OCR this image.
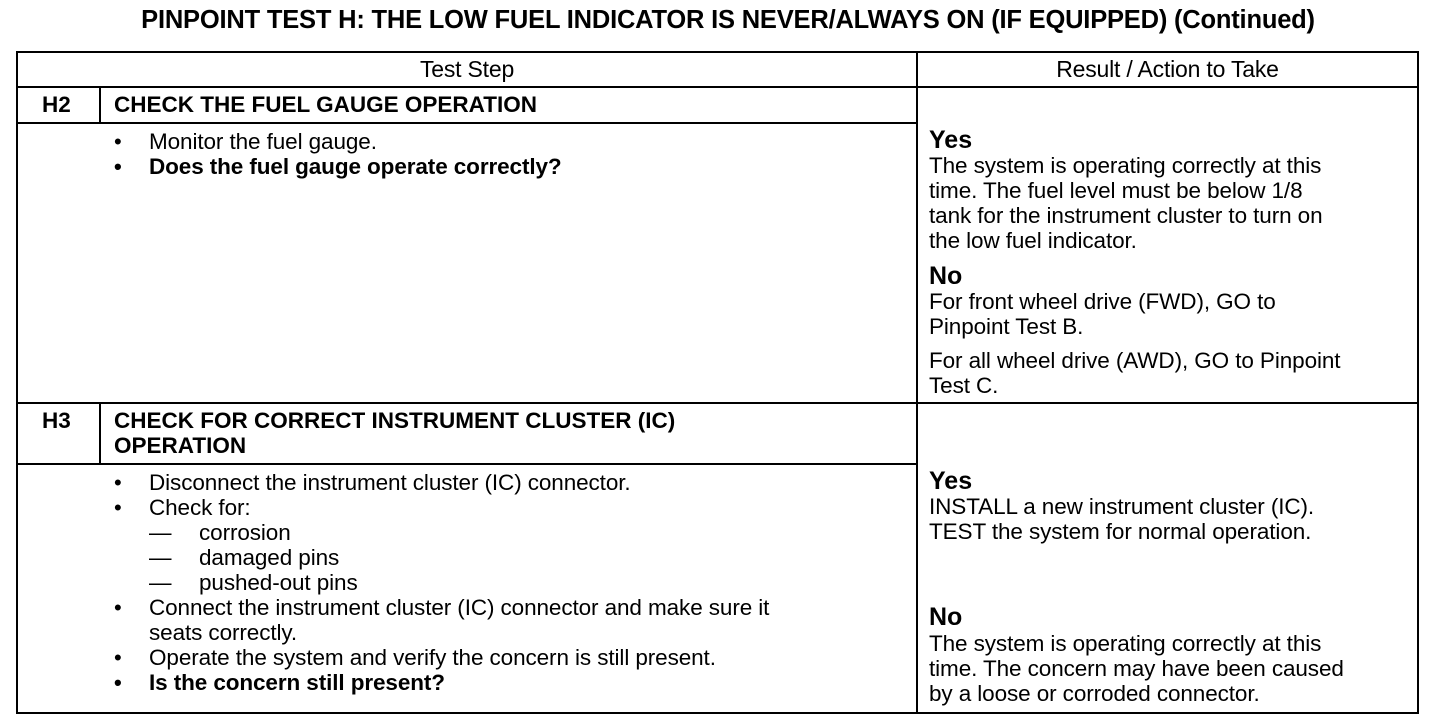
PINPOINT TEST H: THE LOW FUEL INDICATOR IS NEVER/ALWAYS ON (IF EQUIPPED) (Continued)
Test Step	Result / Action to Take
H2 CHECK THE FUEL GAUGE OPERATION
• Monitor the fuel gauge.
• Does the fuel gauge operate correctly?
Yes
The system is operating correctly at this
time. The fuel level must be below 1/8
tank for the instrument cluster to turn on
the low fuel indicator.
No
For front wheel drive (FWD), GO to
Pinpoint Test B.
For all wheel drive (AWD), GO to Pinpoint
Test C.
H3 CHECK FOR CORRECT INSTRUMENT CLUSTER (IC)
OPERATION
• Disconnect the instrument cluster (IC) connector.
• Check for:
— corrosion
— damaged pins
— pushed-out pins
• Connect the instrument cluster (IC) connector and make sure it
seats correctly.
• Operate the system and verify the concern is still present.
• Is the concern still present?
Yes
INSTALL a new instrument cluster (IC).
TEST the system for normal operation.
No
The system is operating correctly at this
time. The concern may have been caused
by a loose or corroded connector.
